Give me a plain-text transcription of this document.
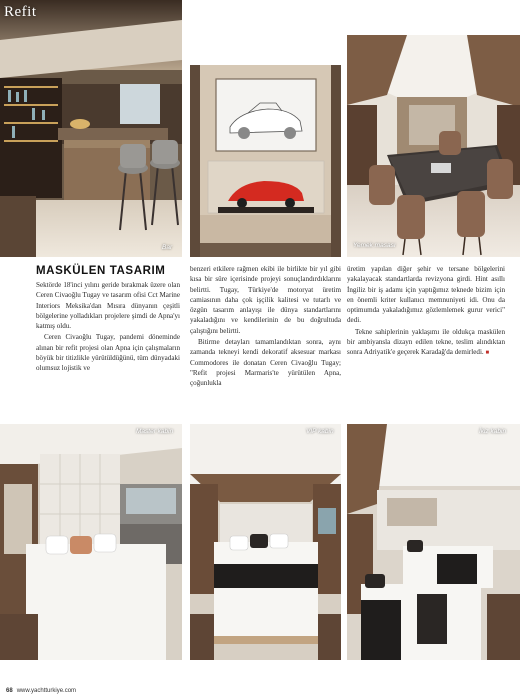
Refit
Bar	Yemek masası
MASKÜLEN TASARIM

Sektörde 18'inci yılını geride bırakmak üzere olan Ceren Civaoğlu Tugay ve tasarım ofisi Cct Marine Interiors Meksika'dan Mısıra dünyanın çeşitli bölgelerine yolladıkları projelere şimdi de Apna'yı katmış oldu.

Ceren Civaoğlu Tugay, pandemi döneminde alınan bir refit projesi olan Apna için çalışmaların böyük bir titizlikle yürütüldüğünü, tüm dünyadaki olumsuz lojistik ve

benzeri etkilere rağmen ekibi ile birlikte bir yıl gibi kısa bir süre içerisinde projeyi sonuçlandırdıklarını belirtti. Tugay, Türkiye'de motoryat üretim camiasının daha çok işçilik kalitesi ve tutarlı ve özgün tasarım anlayışı ile dünya standartlarını yakaladığını ve kendilerinin de bu doğrultuda çalıştığını belirtti.

Bitirme detayları tamamlandıktan sonra, aynı zamanda tekneyi kendi dekoratif aksesuar markası Commodores ile donatan Ceren Civaoğlu Tugay; "Refit projesi Marmaris'te yürütülen Apna, çoğunlukla

üretim yapılan diğer şehir ve tersane bölgelerini yakalayacak standartlarda revizyona girdi. Hint asıllı İngiliz bir iş adamı için yaptığımız teknede bizim için en önemli kriter kullanıcı memnuniyeti idi. Onu da optimumda yakaladığımız gözlemlemek gurur verici" dedi.

Tekne sahiplerinin yaklaşımı ile oldukça maskülen bir ambiyansla dizayn edilen tekne, teslim alındıktan sonra Adriyatik'e geçerek Karadağ'da demirledi. ■

Master kabin	VIP kabin	İkiz kabin
68 www.yachtturkiye.com
